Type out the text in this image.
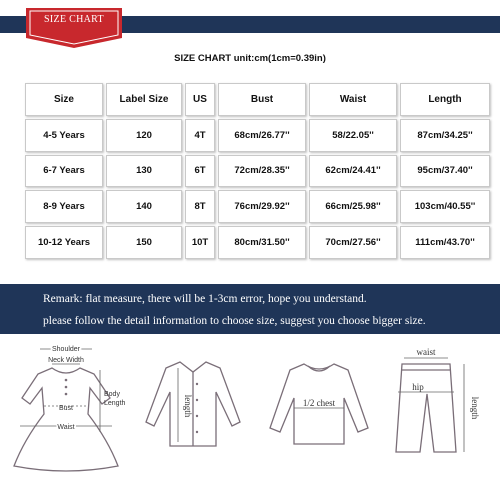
SIZE CHART
SIZE CHART unit:cm(1cm=0.39in)
Size	Label Size	US	Bust	Waist	Length
4-5 Years	120	4T	68cm/26.77''	58/22.05''	87cm/34.25''
6-7 Years	130	6T	72cm/28.35''	62cm/24.41''	95cm/37.40''
8-9 Years	140	8T	76cm/29.92''	66cm/25.98''	103cm/40.55''
10-12 Years	150	10T	80cm/31.50''	70cm/27.56''	111cm/43.70''
Remark: flat measure, there will be 1-3cm error, hope you understand.
please follow the detail information to choose size, suggest you choose bigger size.
Shoulder
Neck Width
Bust
Waist
Body
Length	length	1/2 chest
waist
hip
length
